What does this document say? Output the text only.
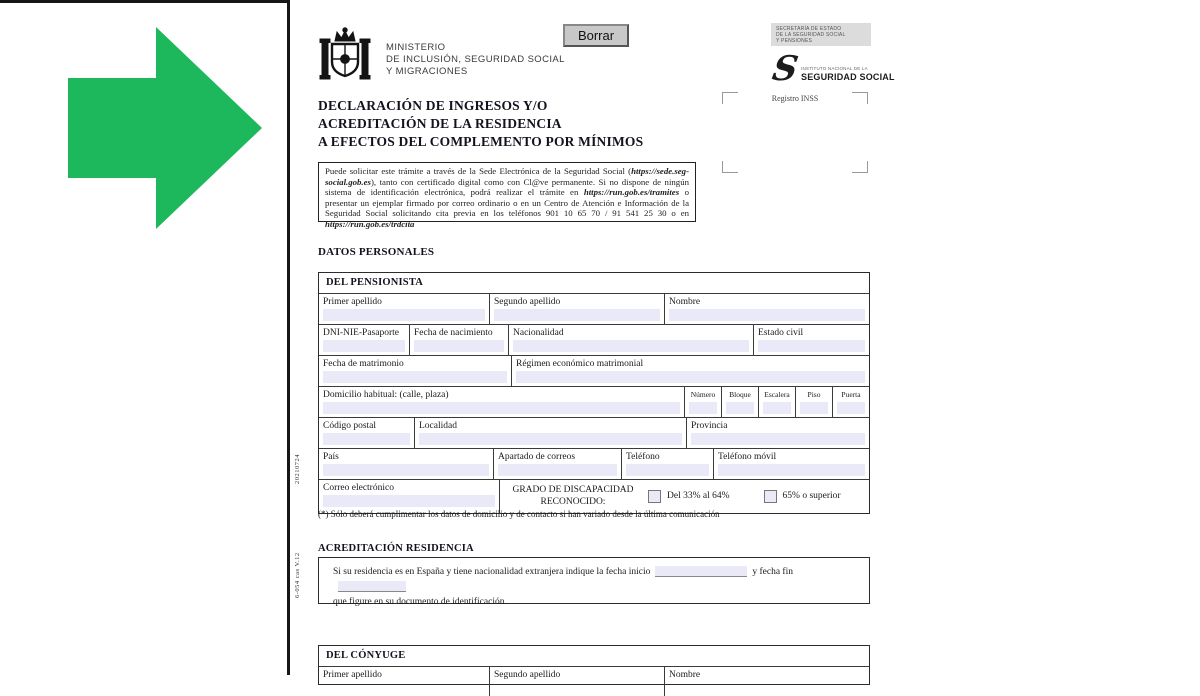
MINISTERIO
DE INCLUSIÓN, SEGURIDAD SOCIAL
Y MIGRACIONES
Borrar	SECRETARÍA DE ESTADO
DE LA SEGURIDAD SOCIAL
Y PENSIONES
S INSTITUTO NACIONAL DE LA
SEGURIDAD SOCIAL
Registro INSS
DECLARACIÓN DE INGRESOS Y/O
ACREDITACIÓN DE LA RESIDENCIA
A EFECTOS DEL COMPLEMENTO POR MÍNIMOS
Puede solicitar este trámite a través de la Sede Electrónica de la Seguridad Social (https://sede.seg-social.gob.es), tanto con certificado digital como con Cl@ve permanente. Si no dispone de ningún sistema de identificación electrónica, podrá realizar el trámite en https://run.gob.es/tramites o presentar un ejemplar firmado por correo ordinario o en un Centro de Atención e Información de la Seguridad Social solicitando cita previa en los teléfonos 901 10 65 70 / 91 541 25 30 o en https://run.gob.es/trdcita
DATOS PERSONALES
DEL PENSIONISTA
Primer apellido	Segundo apellido	Nombre
DNI-NIE-Pasaporte	Fecha de nacimiento	Nacionalidad	Estado civil
Fecha de matrimonio	Régimen económico matrimonial
Domicilio habitual: (calle, plaza)	Número	Bloque	Escalera	Piso	Puerta
Código postal	Localidad	Provincia
País	Apartado de correos	Teléfono	Teléfono móvil
Correo electrónico	GRADO DE DISCAPACIDAD
RECONOCIDO:
Del 33% al 64%	65% o superior
(*) Sólo deberá cumplimentar los datos de domicilio y de contacto si han variado desde la última comunicación
ACREDITACIÓN RESIDENCIA
Si su residencia es en España y tiene nacionalidad extranjera indique la fecha inicio	y fecha fin
que figure en su documento de identificación.
DEL CÓNYUGE
Primer apellido	Segundo apellido	Nombre
20210724
6-054 cas V.12
